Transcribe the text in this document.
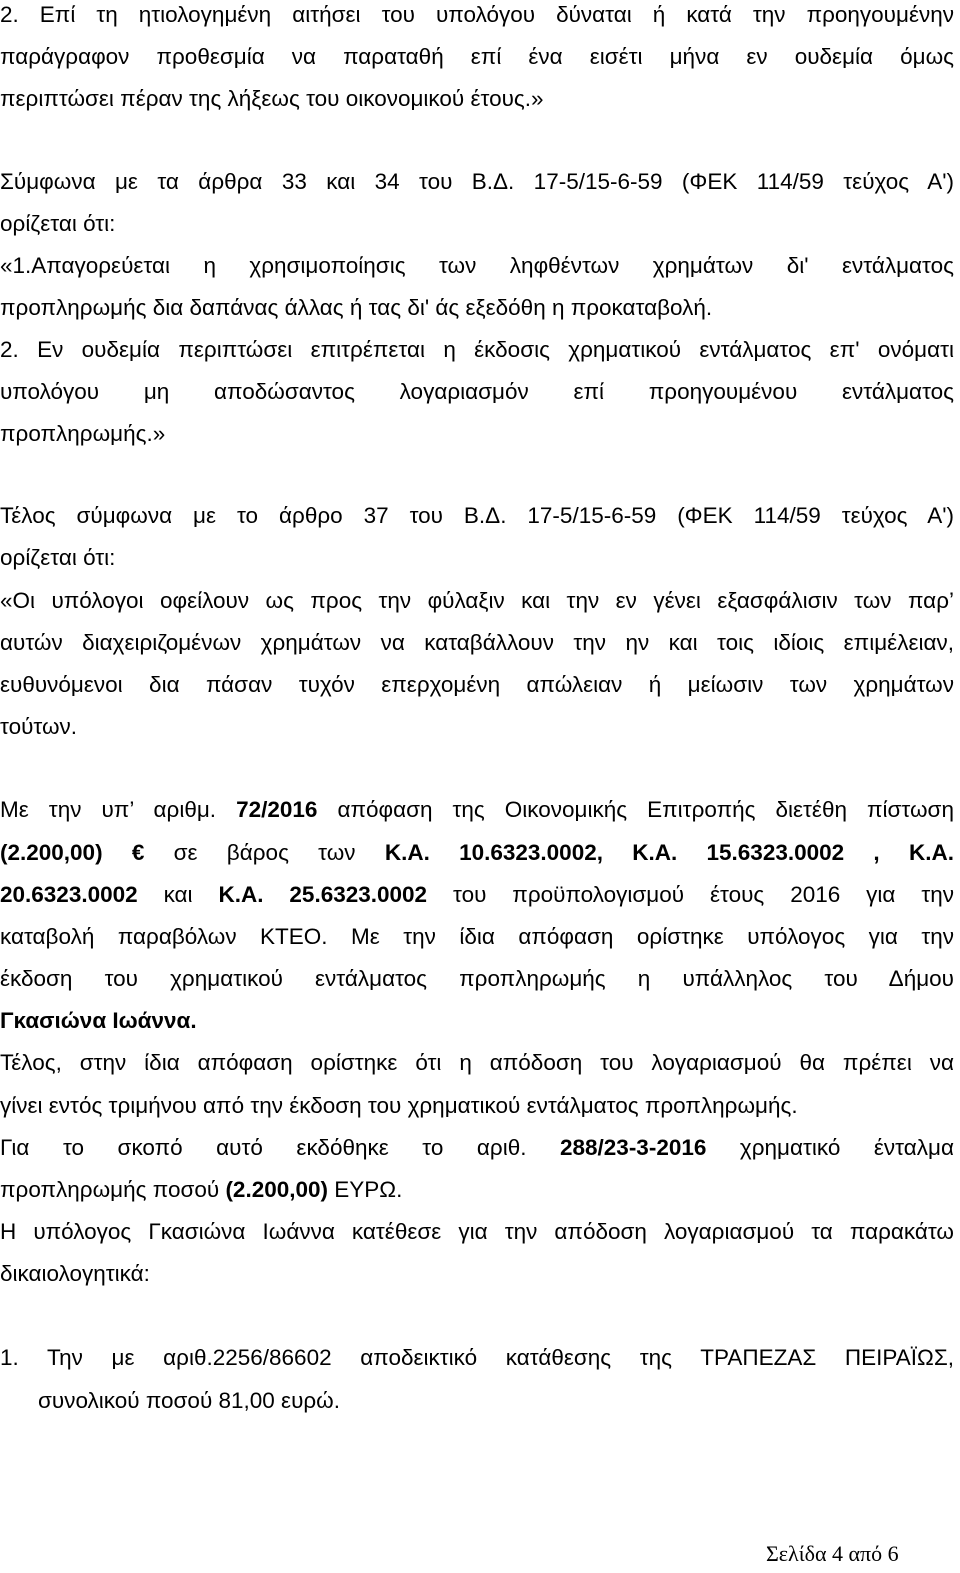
2. Επί τη ητιολογημένη αιτήσει του υπολόγου δύναται ή κατά την προηγουμένην
παράγραφον προθεσμία να παραταθή επί ένα εισέτι μήνα εν ουδεμία όμως
περιπτώσει πέραν της λήξεως του οικονομικού έτους.»
Σύμφωνα με τα άρθρα 33 και 34 του Β.Δ. 17-5/15-6-59 (ΦΕΚ 114/59 τεύχος Α')
ορίζεται ότι:
«1.Απαγορεύεται η χρησιμοποίησις των ληφθέντων χρημάτων δι' εντάλματος
προπληρωμής δια δαπάνας άλλας ή τας δι' άς εξεδόθη η προκαταβολή.
2. Εν ουδεμία περιπτώσει επιτρέπεται η έκδοσις χρηματικού εντάλματος επ' ονόματι
υπολόγου μη αποδώσαντος λογαριασμόν επί προηγουμένου εντάλματος
προπληρωμής.»
Τέλος σύμφωνα με το άρθρο 37 του Β.Δ. 17-5/15-6-59 (ΦΕΚ 114/59 τεύχος Α')
ορίζεται ότι:
«Οι υπόλογοι οφείλουν ως προς την φύλαξιν και την εν γένει εξασφάλισιν των παρ’
αυτών διαχειριζομένων χρημάτων να καταβάλλουν την ην και τοις ιδίοις επιμέλειαν,
ευθυνόμενοι δια πάσαν τυχόν επερχομένη απώλειαν ή μείωσιν των χρημάτων
τούτων.
Με την υπ’ αριθμ. 72/2016 απόφαση της Οικονομικής Επιτροπής διετέθη πίστωση
(2.200,00) € σε βάρος των Κ.Α. 10.6323.0002, Κ.Α. 15.6323.0002 , Κ.Α.
20.6323.0002 και Κ.Α. 25.6323.0002 του προϋπολογισμού έτους 2016 για την
καταβολή παραβόλων ΚΤΕΟ. Με την ίδια απόφαση ορίστηκε υπόλογος για την
έκδοση του χρηματικού εντάλματος προπληρωμής η υπάλληλος του Δήμου
Γκασιώνα Ιωάννα.
Τέλος, στην ίδια απόφαση ορίστηκε ότι η απόδοση του λογαριασμού θα πρέπει να
γίνει εντός τριμήνου από την έκδοση του χρηματικού εντάλματος προπληρωμής.
Για το σκοπό αυτό εκδόθηκε το αριθ. 288/23-3-2016 χρηματικό ένταλμα
προπληρωμής ποσού (2.200,00) ΕΥΡΩ.
Η υπόλογος Γκασιώνα Ιωάννα κατέθεσε για την απόδοση λογαριασμού τα παρακάτω
δικαιολογητικά:
1. Την με αριθ.2256/86602 αποδεικτικό κατάθεσης της ΤΡΑΠΕΖΑΣ ΠΕΙΡΑΪΩΣ,
συνολικού ποσού 81,00 ευρώ.
Σελίδα 4 από 6
